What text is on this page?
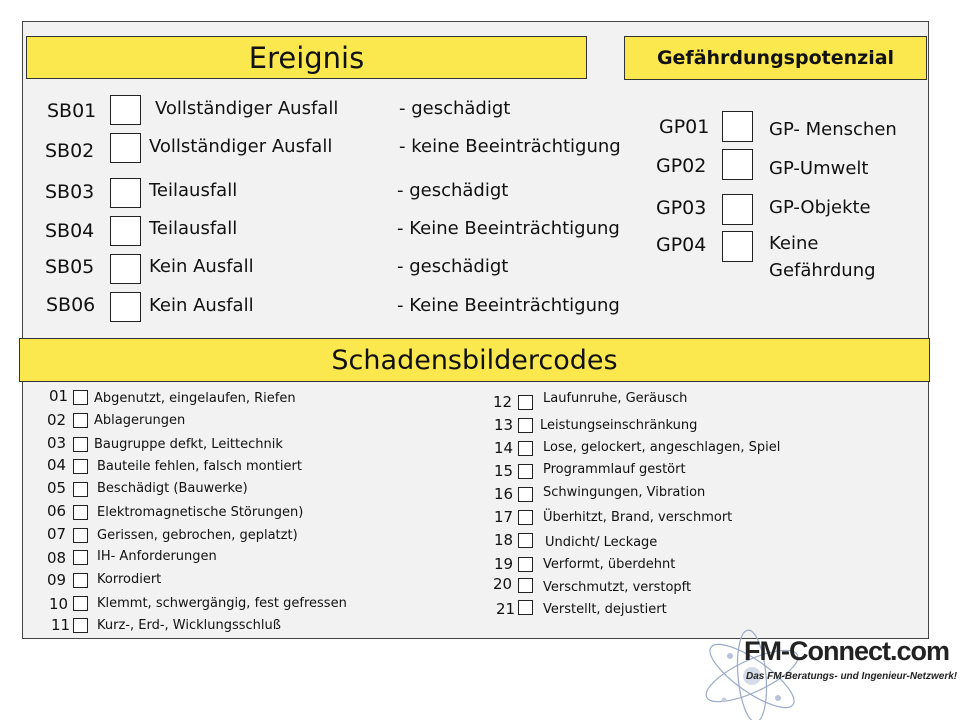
Ereignis	Gefährdungspotenzial
SB01	Vollständiger Ausfall	- geschädigt
SB02	Vollständiger Ausfall	- keine Beeinträchtigung
SB03	Teilausfall	- geschädigt
SB04	Teilausfall	- Keine Beeinträchtigung
SB05	Kein Ausfall	- geschädigt
SB06	Kein Ausfall	- Keine Beeinträchtigung
GP01	GP- Menschen
GP02	GP-Umwelt
GP03	GP-Objekte
GP04	Keine
Gefährdung
Schadensbildercodes
01 Abgenutzt, eingelaufen, Riefen
02 Ablagerungen
03 Baugruppe defkt, Leittechnik
04 Bauteile fehlen, falsch montiert
05 Beschädigt (Bauwerke)
06 Elektromagnetische Störungen)
07 Gerissen, gebrochen, geplatzt)
08 IH- Anforderungen
09 Korrodiert
10 Klemmt, schwergängig, fest gefressen
11 Kurz-, Erd-, Wicklungsschluß
12 Laufunruhe, Geräusch
13 Leistungseinschränkung
14 Lose, gelockert, angeschlagen, Spiel
15 Programmlauf gestört
16 Schwingungen, Vibration
17 Überhitzt, Brand, verschmort
18 Undicht/ Leckage
19 Verformt, überdehnt
20 Verschmutzt, verstopft
21 Verstellt, dejustiert
FM-Connect.com
Das FM-Beratungs- und Ingenieur-Netzwerk!
